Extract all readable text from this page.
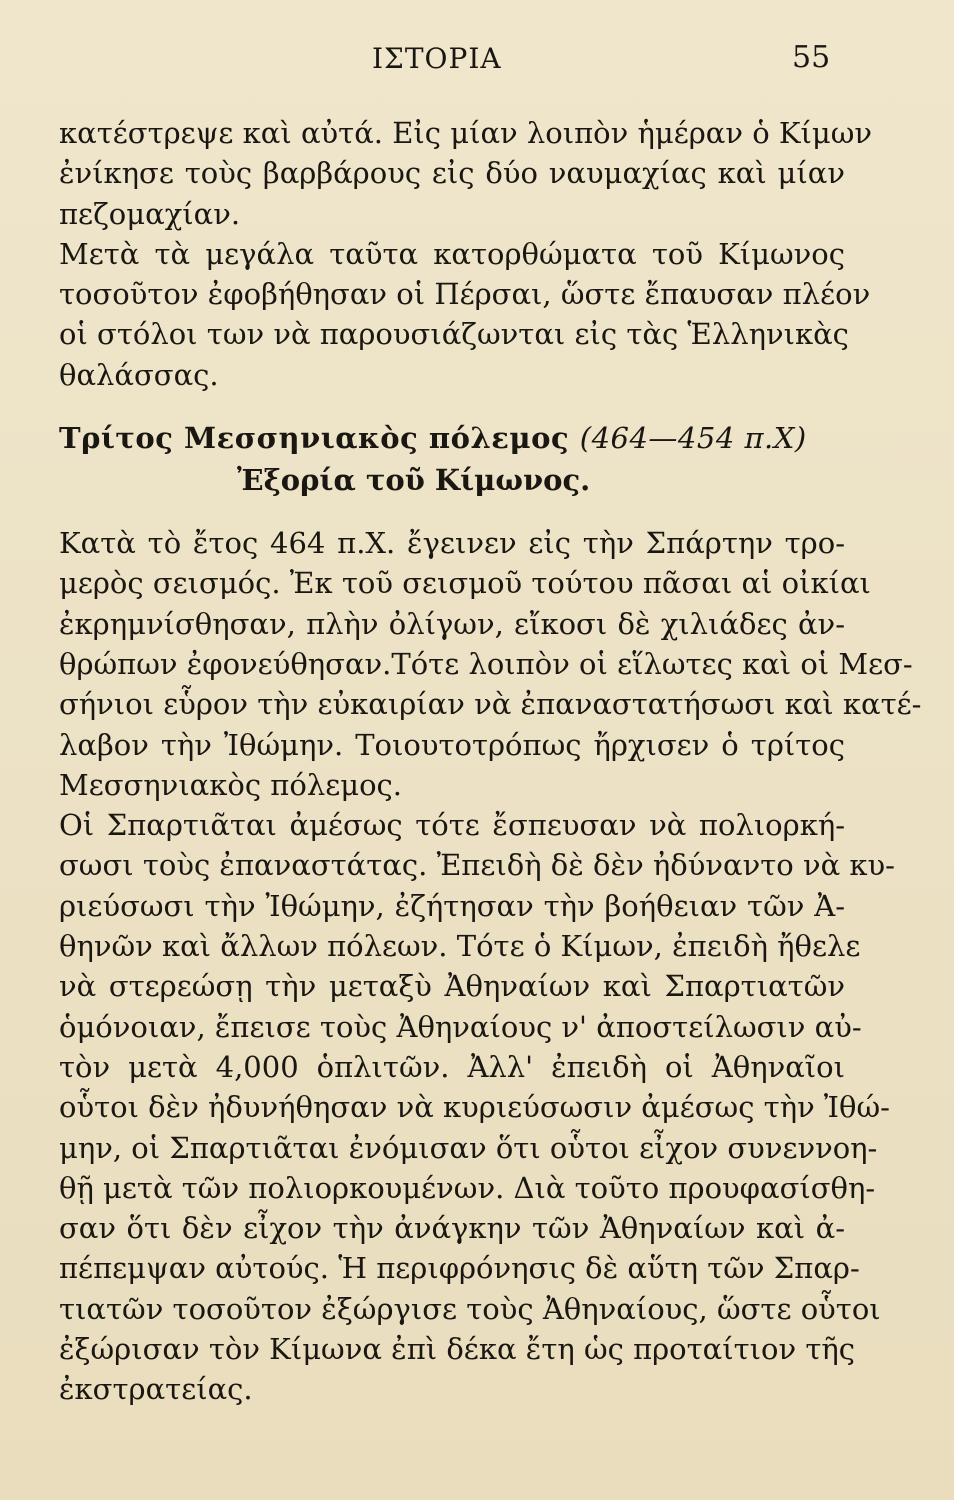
ΙΣΤΟΡΙΑ	55
κατέστρεψε καὶ αὐτά. Εἰς μίαν λοιπὸν ἡμέραν ὁ Κίμων
ἐνίκησε τοὺς βαρβάρους εἰς δύο ναυμαχίας καὶ μίαν
πεζομαχίαν.
Μετὰ τὰ μεγάλα ταῦτα κατορθώματα τοῦ Κίμωνος
τοσοῦτον ἐφοβήθησαν οἱ Πέρσαι, ὥστε ἔπαυσαν πλέον
οἱ στόλοι των νὰ παρουσιάζωνται εἰς τὰς Ἑλληνικὰς
θαλάσσας.
Τρίτος Μεσσηνιακὸς πόλεμος (464—454 π.Χ)
Ἐξορία τοῦ Κίμωνος.
Κατὰ τὸ ἔτος 464 π.Χ. ἔγεινεν εἰς τὴν Σπάρτην τρο-
μερὸς σεισμός. Ἐκ τοῦ σεισμοῦ τούτου πᾶσαι αἱ οἰκίαι
ἐκρημνίσθησαν, πλὴν ὀλίγων, εἴκοσι δὲ χιλιάδες ἀν-
θρώπων ἐφονεύθησαν.Τότε λοιπὸν οἱ εἵλωτες καὶ οἱ Μεσ-
σήνιοι εὗρον τὴν εὐκαιρίαν νὰ ἐπαναστατήσωσι καὶ κατέ-
λαβον τὴν Ἰθώμην. Τοιουτοτρόπως ἤρχισεν ὁ τρίτος
Μεσσηνιακὸς πόλεμος.
Οἱ Σπαρτιᾶται ἀμέσως τότε ἔσπευσαν νὰ πολιορκή-
σωσι τοὺς ἐπαναστάτας. Ἐπειδὴ δὲ δὲν ἠδύναντο νὰ κυ-
ριεύσωσι τὴν Ἰθώμην, ἐζήτησαν τὴν βοήθειαν τῶν Ἀ-
θηνῶν καὶ ἄλλων πόλεων. Τότε ὁ Κίμων, ἐπειδὴ ἤθελε
νὰ στερεώσῃ τὴν μεταξὺ Ἀθηναίων καὶ Σπαρτιατῶν
ὁμόνοιαν, ἔπεισε τοὺς Ἀθηναίους ν' ἀποστείλωσιν αὐ-
τὸν μετὰ 4,000 ὁπλιτῶν. Ἀλλ' ἐπειδὴ οἱ Ἀθηναῖοι
οὗτοι δὲν ἠδυνήθησαν νὰ κυριεύσωσιν ἀμέσως τὴν Ἰθώ-
μην, οἱ Σπαρτιᾶται ἐνόμισαν ὅτι οὗτοι εἶχον συνεννοη-
θῇ μετὰ τῶν πολιορκουμένων. Διὰ τοῦτο προυφασίσθη-
σαν ὅτι δὲν εἶχον τὴν ἀνάγκην τῶν Ἀθηναίων καὶ ἀ-
πέπεμψαν αὐτούς. Ἡ περιφρόνησις δὲ αὕτη τῶν Σπαρ-
τιατῶν τοσοῦτον ἐξώργισε τοὺς Ἀθηναίους, ὥστε οὗτοι
ἐξώρισαν τὸν Κίμωνα ἐπὶ δέκα ἔτη ὡς προταίτιον τῆς
ἐκστρατείας.
